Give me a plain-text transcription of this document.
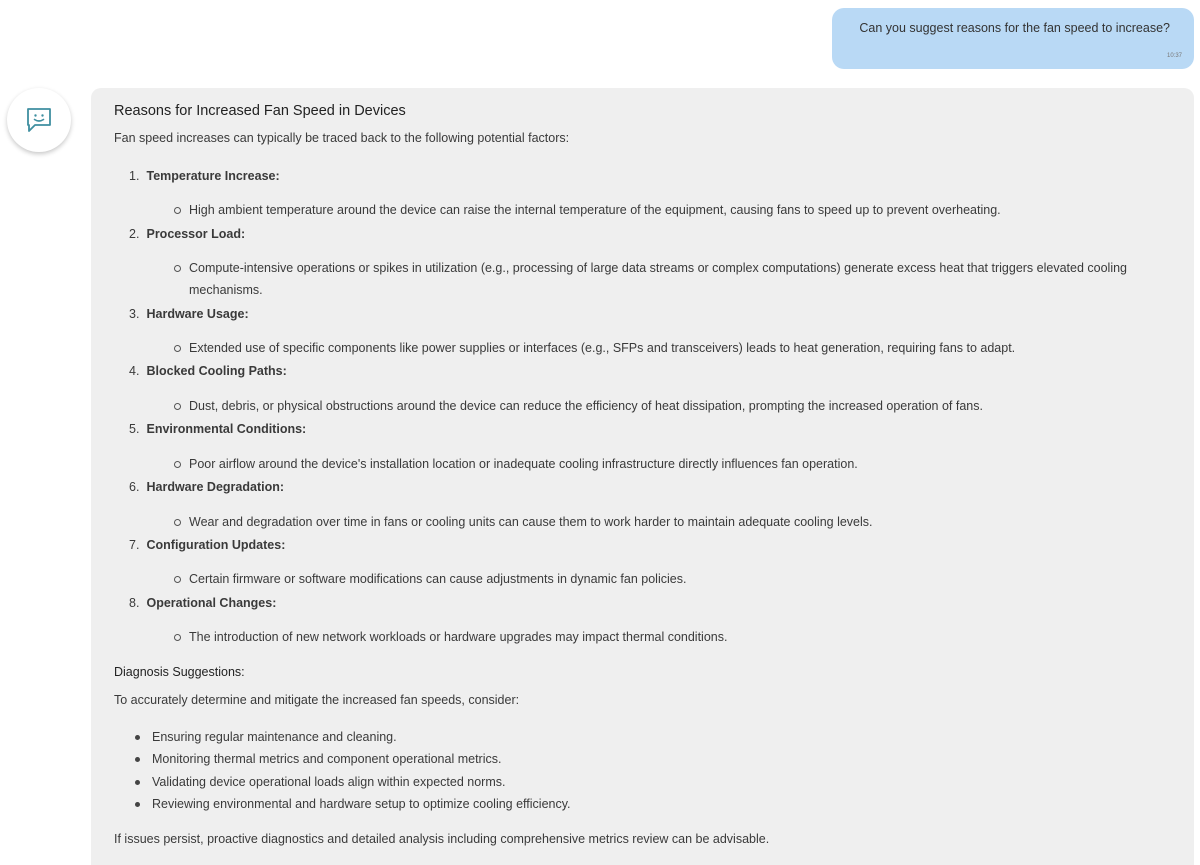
Can you suggest reasons for the fan speed to increase?
10:37
Reasons for Increased Fan Speed in Devices

Fan speed increases can typically be traced back to the following potential factors:

1. Temperature Increase:
High ambient temperature around the device can raise the internal temperature of the equipment, causing fans to speed up to prevent overheating.
2. Processor Load:
Compute-intensive operations or spikes in utilization (e.g., processing of large data streams or complex computations) generate excess heat that triggers elevated cooling mechanisms.
3. Hardware Usage:
Extended use of specific components like power supplies or interfaces (e.g., SFPs and transceivers) leads to heat generation, requiring fans to adapt.
4. Blocked Cooling Paths:
Dust, debris, or physical obstructions around the device can reduce the efficiency of heat dissipation, prompting the increased operation of fans.
5. Environmental Conditions:
Poor airflow around the device's installation location or inadequate cooling infrastructure directly influences fan operation.
6. Hardware Degradation:
Wear and degradation over time in fans or cooling units can cause them to work harder to maintain adequate cooling levels.
7. Configuration Updates:
Certain firmware or software modifications can cause adjustments in dynamic fan policies.
8. Operational Changes:
The introduction of new network workloads or hardware upgrades may impact thermal conditions.
Diagnosis Suggestions:
To accurately determine and mitigate the increased fan speeds, consider:
Ensuring regular maintenance and cleaning.
Monitoring thermal metrics and component operational metrics.
Validating device operational loads align within expected norms.
Reviewing environmental and hardware setup to optimize cooling efficiency.
If issues persist, proactive diagnostics and detailed analysis including comprehensive metrics review can be advisable.
